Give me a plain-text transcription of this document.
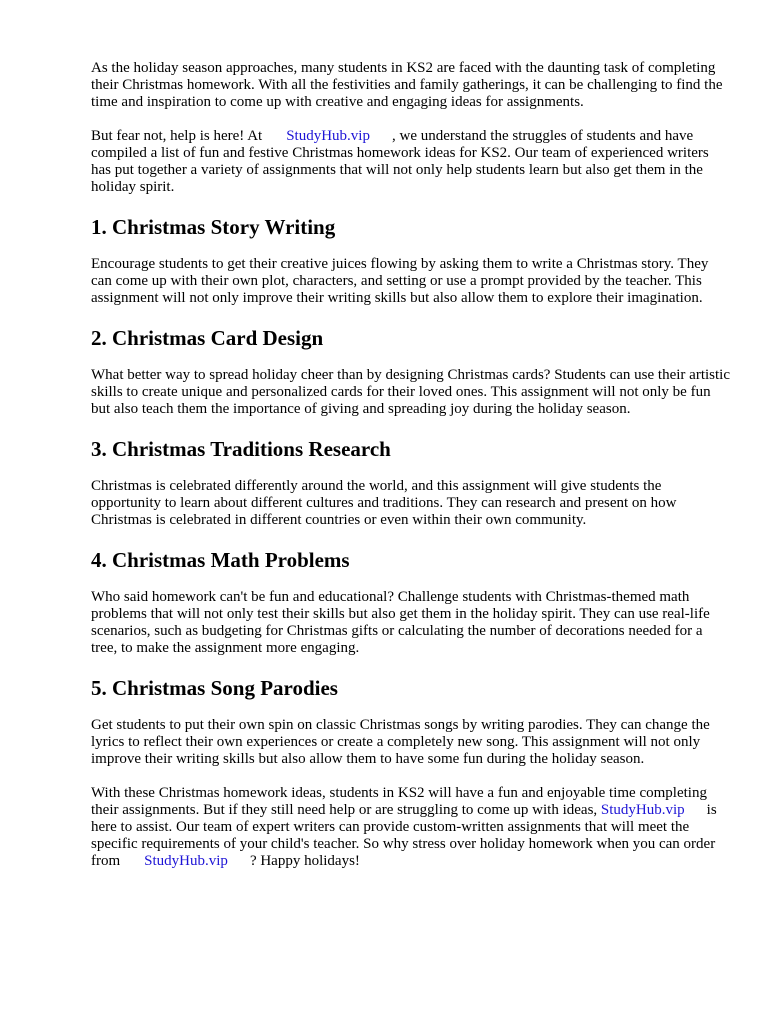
As the holiday season approaches, many students in KS2 are faced with the daunting task of completing their Christmas homework. With all the festivities and family gatherings, it can be challenging to find the time and inspiration to come up with creative and engaging ideas for assignments.

But fear not, help is here! At StudyHub.vip , we understand the struggles of students and have compiled a list of fun and festive Christmas homework ideas for KS2. Our team of experienced writers has put together a variety of assignments that will not only help students learn but also get them in the holiday spirit.

1. Christmas Story Writing

Encourage students to get their creative juices flowing by asking them to write a Christmas story. They can come up with their own plot, characters, and setting or use a prompt provided by the teacher. This assignment will not only improve their writing skills but also allow them to explore their imagination.

2. Christmas Card Design

What better way to spread holiday cheer than by designing Christmas cards? Students can use their artistic skills to create unique and personalized cards for their loved ones. This assignment will not only be fun but also teach them the importance of giving and spreading joy during the holiday season.

3. Christmas Traditions Research

Christmas is celebrated differently around the world, and this assignment will give students the opportunity to learn about different cultures and traditions. They can research and present on how Christmas is celebrated in different countries or even within their own community.

4. Christmas Math Problems

Who said homework can't be fun and educational? Challenge students with Christmas-themed math problems that will not only test their skills but also get them in the holiday spirit. They can use real-life scenarios, such as budgeting for Christmas gifts or calculating the number of decorations needed for a tree, to make the assignment more engaging.

5. Christmas Song Parodies

Get students to put their own spin on classic Christmas songs by writing parodies. They can change the lyrics to reflect their own experiences or create a completely new song. This assignment will not only improve their writing skills but also allow them to have some fun during the holiday season.

With these Christmas homework ideas, students in KS2 will have a fun and enjoyable time completing their assignments. But if they still need help or are struggling to come up with ideas, StudyHub.vip is here to assist. Our team of expert writers can provide custom-written assignments that will meet the specific requirements of your child's teacher. So why stress over holiday homework when you can order from StudyHub.vip ? Happy holidays!
